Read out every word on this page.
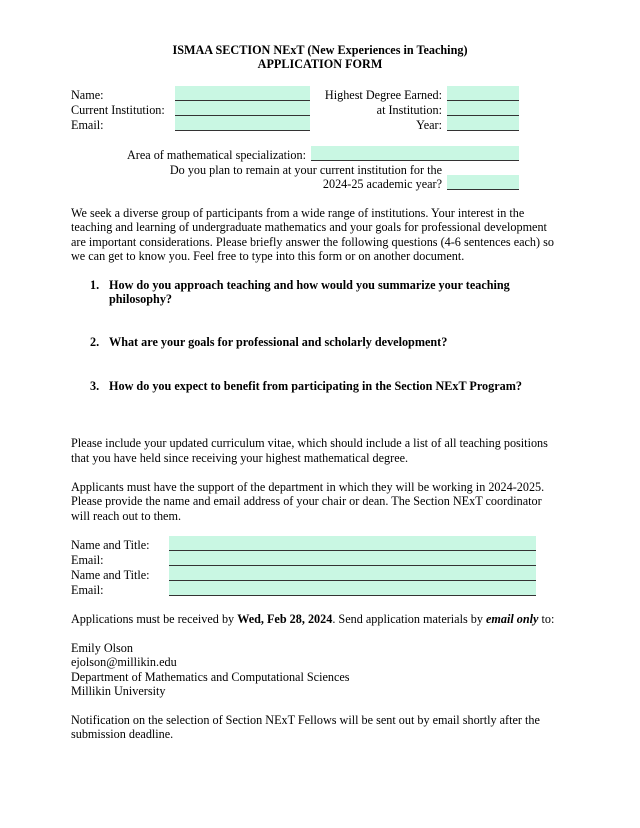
ISMAA SECTION NExT (New Experiences in Teaching)
APPLICATION FORM
Name:
Current Institution:
Email:
Highest Degree Earned:
at Institution:
Year:
Area of mathematical specialization:
Do you plan to remain at your current institution for the
2024-25 academic year?
We seek a diverse group of participants from a wide range of institutions. Your interest in the
teaching and learning of undergraduate mathematics and your goals for professional development
are important considerations. Please briefly answer the following questions (4-6 sentences each) so
we can get to know you. Feel free to type into this form or on another document.
1. How do you approach teaching and how would you summarize your teaching
philosophy?
2. What are your goals for professional and scholarly development?
3. How do you expect to benefit from participating in the Section NExT Program?
Please include your updated curriculum vitae, which should include a list of all teaching positions
that you have held since receiving your highest mathematical degree.
Applicants must have the support of the department in which they will be working in 2024-2025.
Please provide the name and email address of your chair or dean. The Section NExT coordinator
will reach out to them.
Name and Title:
Email:
Name and Title:
Email:
Applications must be received by Wed, Feb 28, 2024. Send application materials by email only to:
Emily Olson
ejolson@millikin.edu
Department of Mathematics and Computational Sciences
Millikin University
Notification on the selection of Section NExT Fellows will be sent out by email shortly after the
submission deadline.
